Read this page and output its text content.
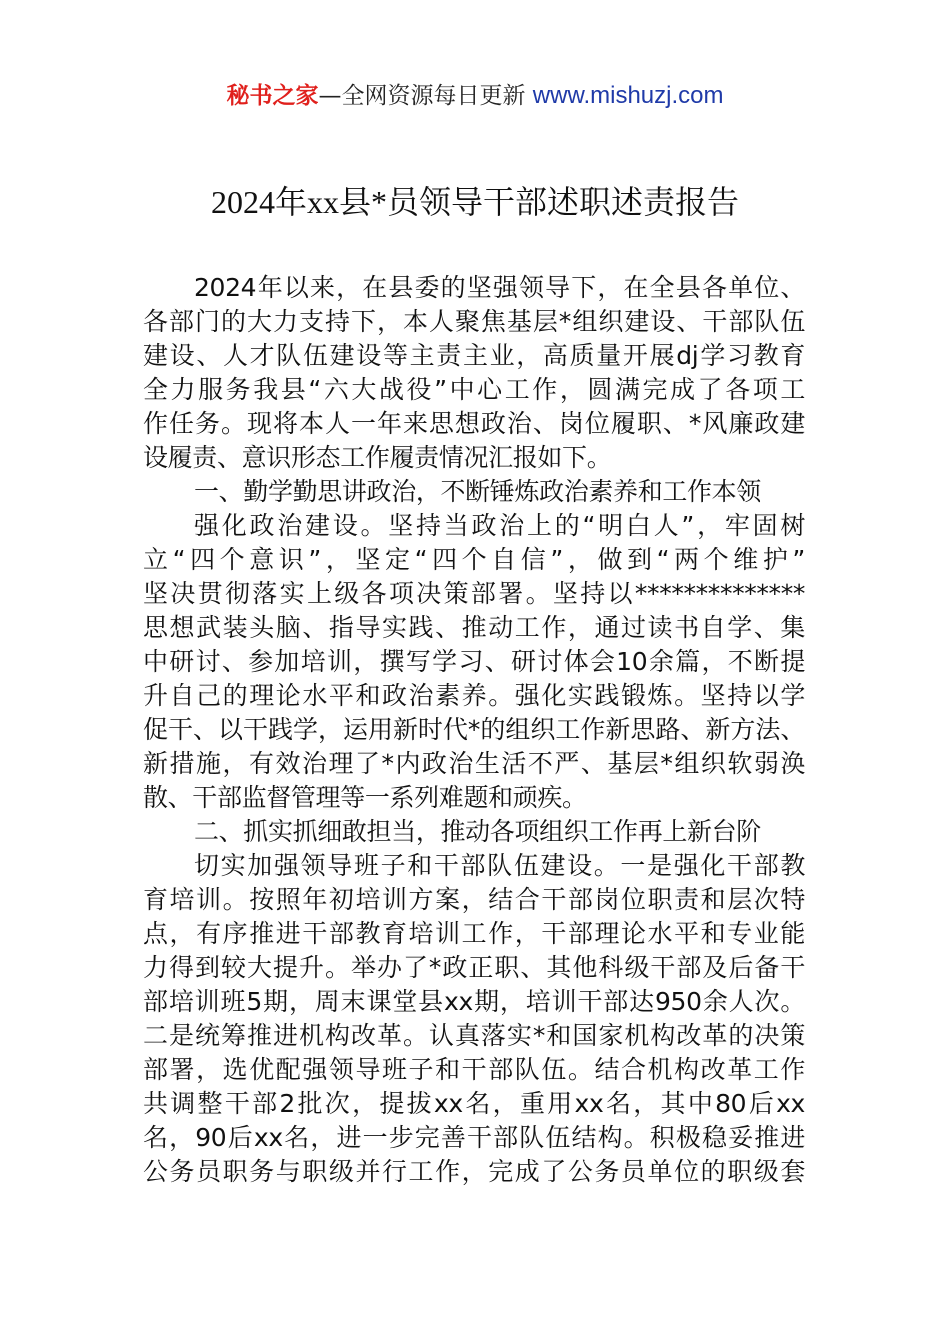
秘书之家—全网资源每日更新 www.mishuzj.com
2024年xx县*员领导干部述职述责报告
2024年以来，在县委的坚强领导下，在全县各单位、
各部门的大力支持下，本人聚焦基层*组织建设、干部队伍
建设、人才队伍建设等主责主业，高质量开展dj学习教育
全力服务我县“六大战役”中心工作，圆满完成了各项工
作任务。现将本人一年来思想政治、岗位履职、*风廉政建
设履责、意识形态工作履责情况汇报如下。
一、勤学勤思讲政治，不断锤炼政治素养和工作本领
强化政治建设。坚持当政治上的“明白人”，牢固树
立“四个意识”，坚定“四个自信”，做到“两个维护”
坚决贯彻落实上级各项决策部署。坚持以**************
思想武装头脑、指导实践、推动工作，通过读书自学、集
中研讨、参加培训，撰写学习、研讨体会10余篇，不断提
升自己的理论水平和政治素养。强化实践锻炼。坚持以学
促干、以干践学，运用新时代*的组织工作新思路、新方法、
新措施，有效治理了*内政治生活不严、基层*组织软弱涣
散、干部监督管理等一系列难题和顽疾。
二、抓实抓细敢担当，推动各项组织工作再上新台阶
切实加强领导班子和干部队伍建设。一是强化干部教
育培训。按照年初培训方案，结合干部岗位职责和层次特
点，有序推进干部教育培训工作，干部理论水平和专业能
力得到较大提升。举办了*政正职、其他科级干部及后备干
部培训班5期，周末课堂县xx期，培训干部达950余人次。
二是统筹推进机构改革。认真落实*和国家机构改革的决策
部署，选优配强领导班子和干部队伍。结合机构改革工作
共调整干部2批次，提拔xx名，重用xx名，其中80后xx
名，90后xx名，进一步完善干部队伍结构。积极稳妥推进
公务员职务与职级并行工作，完成了公务员单位的职级套
